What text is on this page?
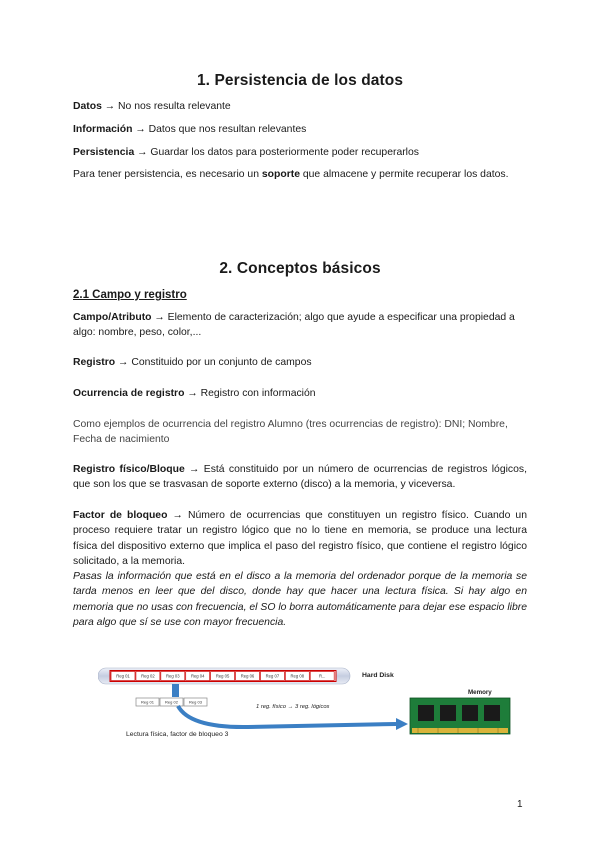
1. Persistencia de los datos

Datos → No nos resulta relevante

Información → Datos que nos resultan relevantes

Persistencia → Guardar los datos para posteriormente poder recuperarlos

Para tener persistencia, es necesario un soporte que almacene y permite recuperar los datos.

2. Conceptos básicos
2.1 Campo y registro

Campo/Atributo → Elemento de caracterización; algo que ayude a especificar una propiedad a algo: nombre, peso, color,...

Registro → Constituido por un conjunto de campos

Ocurrencia de registro → Registro con información

Como ejemplos de ocurrencia del registro Alumno (tres ocurrencias de registro): DNI; Nombre, Fecha de nacimiento

Registro físico/Bloque → Está constituido por un número de ocurrencias de registros lógicos, que son los que se trasvasan de soporte externo (disco) a la memoria, y viceversa.

Factor de bloqueo → Número de ocurrencias que constituyen un registro físico. Cuando un proceso requiere tratar un registro lógico que no lo tiene en memoria, se produce una lectura física del dispositivo externo que implica el paso del registro físico, que contiene el registro lógico solicitado, a la memoria.
Pasas la información que está en el disco a la memoria del ordenador porque de la memoria se tarda menos en leer que del disco, donde hay que hacer una lectura física. Si hay algo en memoria que no usas con frecuencia, el SO lo borra automáticamente para dejar ese espacio libre para algo que sí se use con mayor frecuencia.

Reg 01	Reg 02	Reg 03	Reg 04	Reg 05	Reg 06	Reg 07	Reg 08	R...	Hard Disk
Reg 01	Reg 02	Reg 03
1 reg. físico → 3 reg. lógicos
Lectura física, factor de bloqueo 3
Memory
1
